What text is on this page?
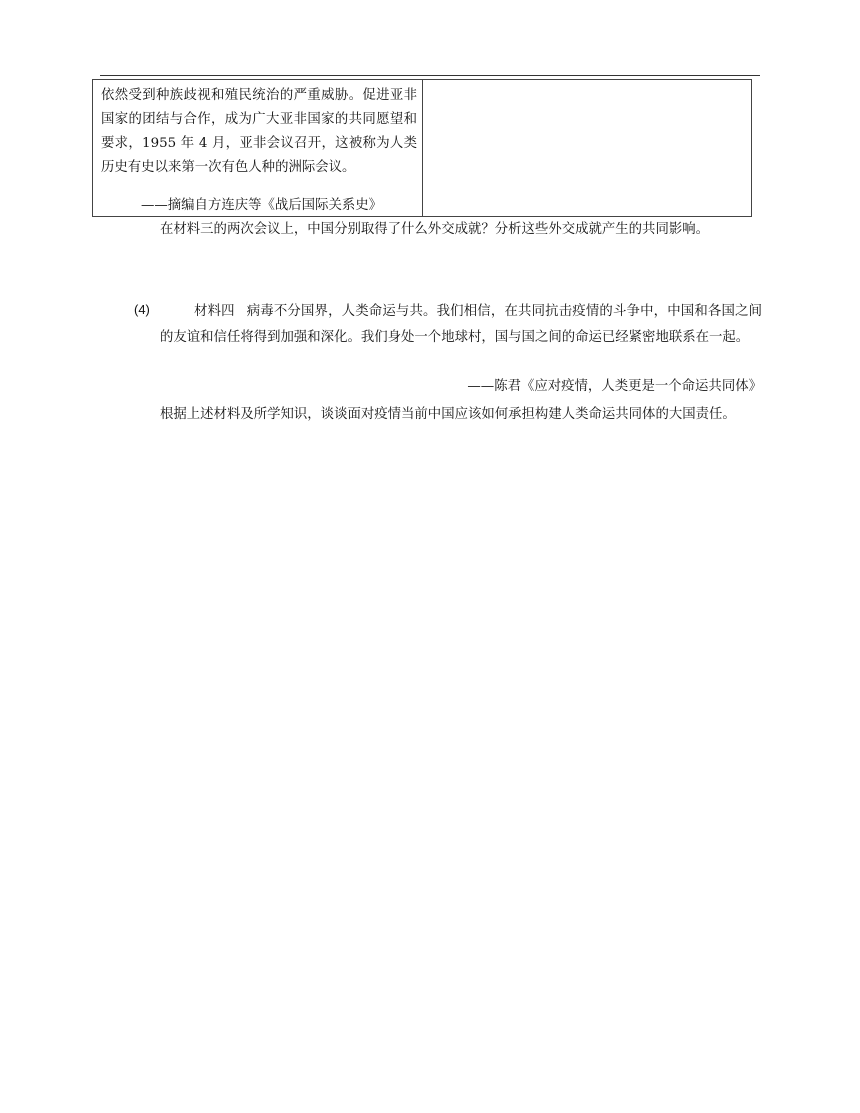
依然受到种族歧视和殖民统治的严重威胁。促进亚非国家的团结与合作，成为广大亚非国家的共同愿望和要求，1955 年 4 月，亚非会议召开，这被称为人类历史有史以来第一次有色人种的洲际会议。

——摘编自方连庆等《战后国际关系史》
在材料三的两次会议上，中国分别取得了什么外交成就？分析这些外交成就产生的共同影响。
(4)	材料四 病毒不分国界，人类命运与共。我们相信，在共同抗击疫情的斗争中，中国和各国之间的友谊和信任将得到加强和深化。我们身处一个地球村，国与国之间的命运已经紧密地联系在一起。

——陈君《应对疫情，人类更是一个命运共同体》

根据上述材料及所学知识，谈谈面对疫情当前中国应该如何承担构建人类命运共同体的大国责任。
